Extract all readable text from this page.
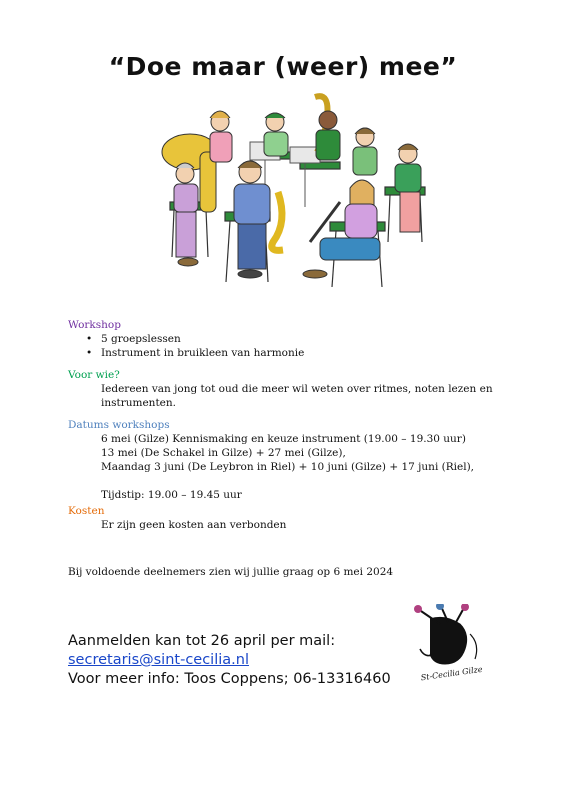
“Doe maar (weer) mee”
Workshop
• 5 groepslessen
• Instrument in bruikleen van harmonie
Voor wie?
Iedereen van jong tot oud die meer wil weten over ritmes, noten lezen en
instrumenten.
Datums workshops
6 mei (Gilze) Kennismaking en keuze instrument (19.00 – 19.30 uur)
13 mei (De Schakel in Gilze) + 27 mei (Gilze),
Maandag 3 juni (De Leybron in Riel) + 10 juni (Gilze) + 17 juni (Riel),
Tijdstip: 19.00 – 19.45 uur
Kosten
Er zijn geen kosten aan verbonden
Bij voldoende deelnemers zien wij jullie graag op 6 mei 2024
Aanmelden kan tot 26 april per mail:
secretaris@sint-cecilia.nl
Voor meer info: Toos Coppens; 06-13316460	St-Cecilia Gilze
